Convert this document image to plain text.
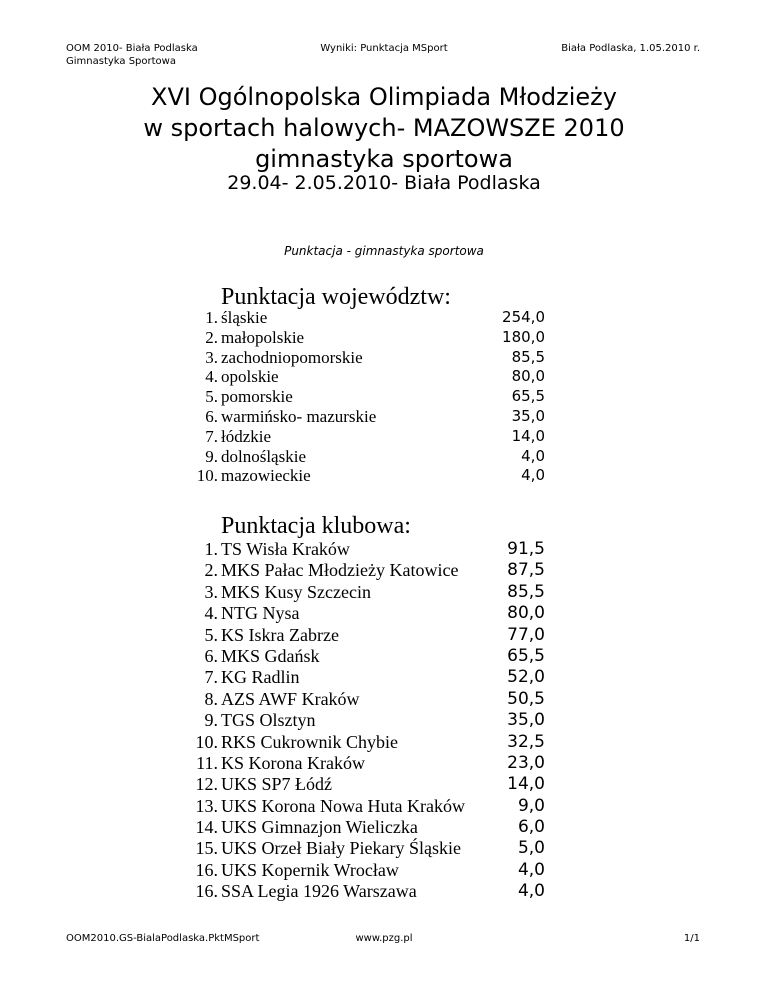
OOM 2010- Biała Podlaska
Gimnastyka Sportowa
Wyniki: Punktacja MSport	Biała Podlaska, 1.05.2010 r.
XVI Ogólnopolska Olimpiada Młodzieży
w sportach halowych- MAZOWSZE 2010
gimnastyka sportowa
29.04- 2.05.2010- Biała Podlaska
Punktacja - gimnastyka sportowa
Punktacja województw:
1. śląskie	254,0
2. małopolskie	180,0
3. zachodniopomorskie	85,5
4. opolskie	80,0
5. pomorskie	65,5
6. warmińsko- mazurskie	35,0
7. łódzkie	14,0
9. dolnośląskie	4,0
10. mazowieckie	4,0
Punktacja klubowa:
1. TS Wisła Kraków	91,5
2. MKS Pałac Młodzieży Katowice	87,5
3. MKS Kusy Szczecin	85,5
4. NTG Nysa	80,0
5. KS Iskra Zabrze	77,0
6. MKS Gdańsk	65,5
7. KG Radlin	52,0
8. AZS AWF Kraków	50,5
9. TGS Olsztyn	35,0
10. RKS Cukrownik Chybie	32,5
11. KS Korona Kraków	23,0
12. UKS SP7 Łódź	14,0
13. UKS Korona Nowa Huta Kraków	9,0
14. UKS Gimnazjon Wieliczka	6,0
15. UKS Orzeł Biały Piekary Śląskie	5,0
16. UKS Kopernik Wrocław	4,0
16. SSA Legia 1926 Warszawa	4,0
OOM2010.GS-BialaPodlaska.PktMSport	www.pzg.pl	1/1
